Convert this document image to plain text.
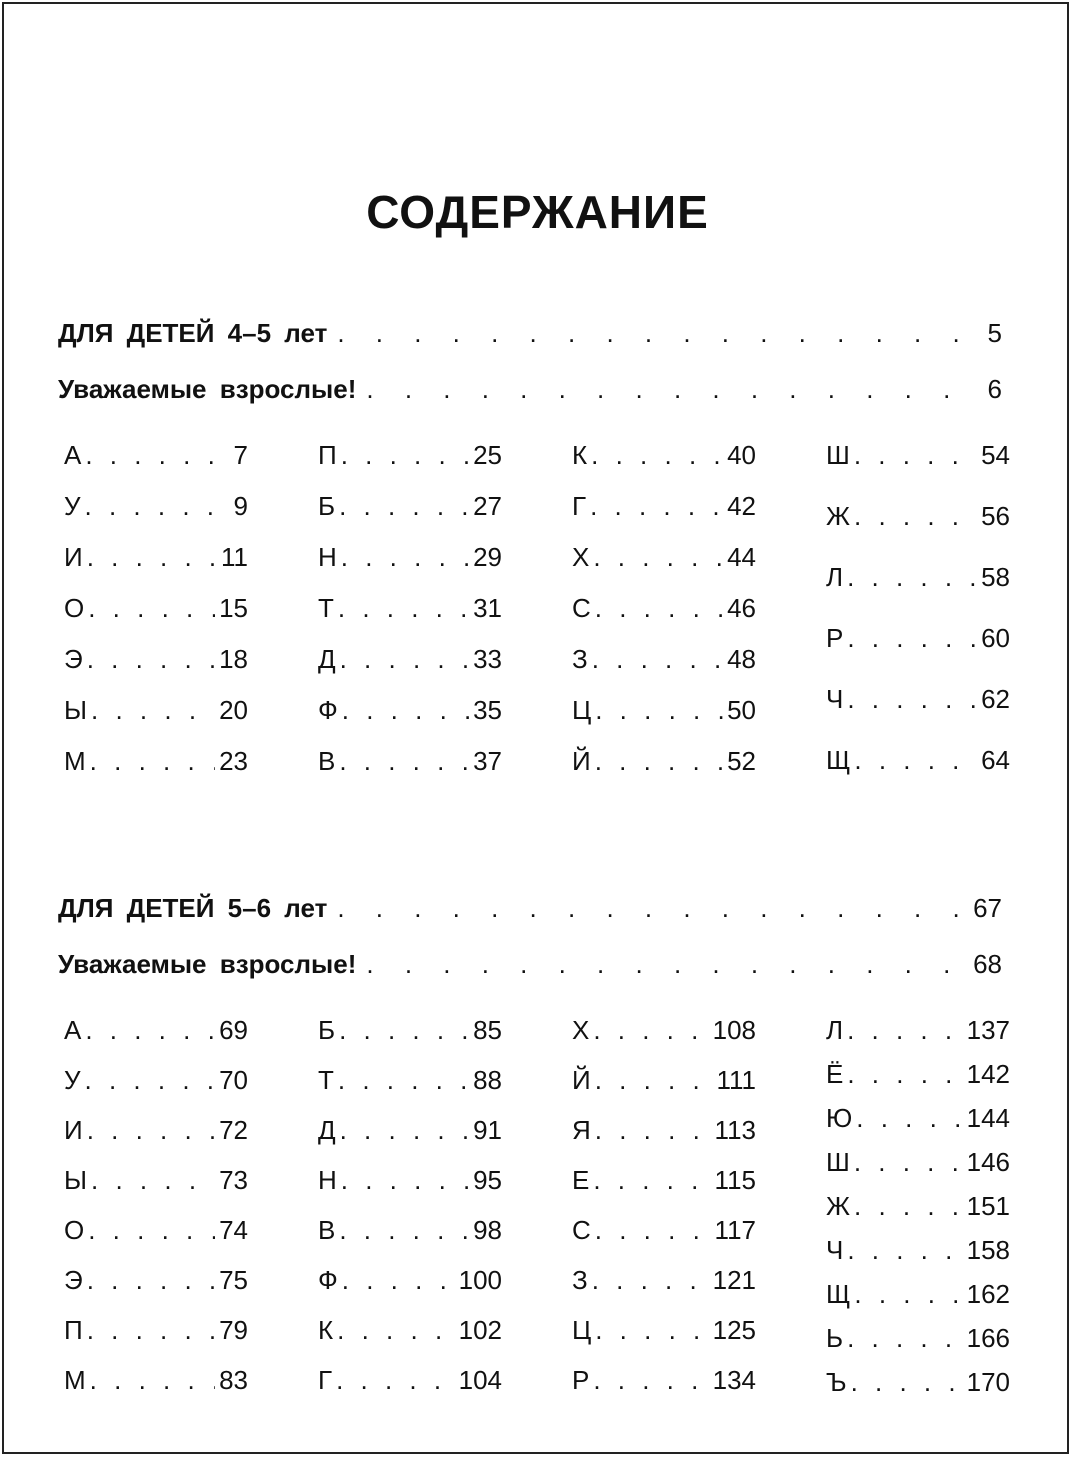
СОДЕРЖАНИЕ
ДЛЯ ДЕТЕЙ 4–5 лет . . .	5
Уважаемые взрослые! . . .	6
А . . .	7
У . . .	9
И . . .	11
О . . .	15
Э . . .	18
Ы . . .	20
М . . .	23
П . . .	25
Б . . .	27
Н . . .	29
Т . . .	31
Д . . .	33
Ф . . .	35
В . . .	37
К . . .	40
Г . . .	42
Х . . .	44
С . . .	46
З . . .	48
Ц . . .	50
Й . . .	52
Ш . . .	54
Ж . . .	56
Л . . .	58
Р . . .	60
Ч . . .	62
Щ . . .	64
ДЛЯ ДЕТЕЙ 5–6 лет . . .	67
Уважаемые взрослые! . . .	68
А . . .	69
У . . .	70
И . . .	72
Ы . . .	73
О . . .	74
Э . . .	75
П . . .	79
М . . .	83
Б . . .	85
Т . . .	88
Д . . .	91
Н . . .	95
В . . .	98
Ф . . .	100
К . . .	102
Г . . .	104
Х . . .	108
Й . . .	111
Я . . .	113
Е . . .	115
С . . .	117
З . . .	121
Ц . . .	125
Р . . .	134
Л . . .	137
Ё . . .	142
Ю . . .	144
Ш . . .	146
Ж . . .	151
Ч . . .	158
Щ . . .	162
Ь . . .	166
Ъ . . .	170
